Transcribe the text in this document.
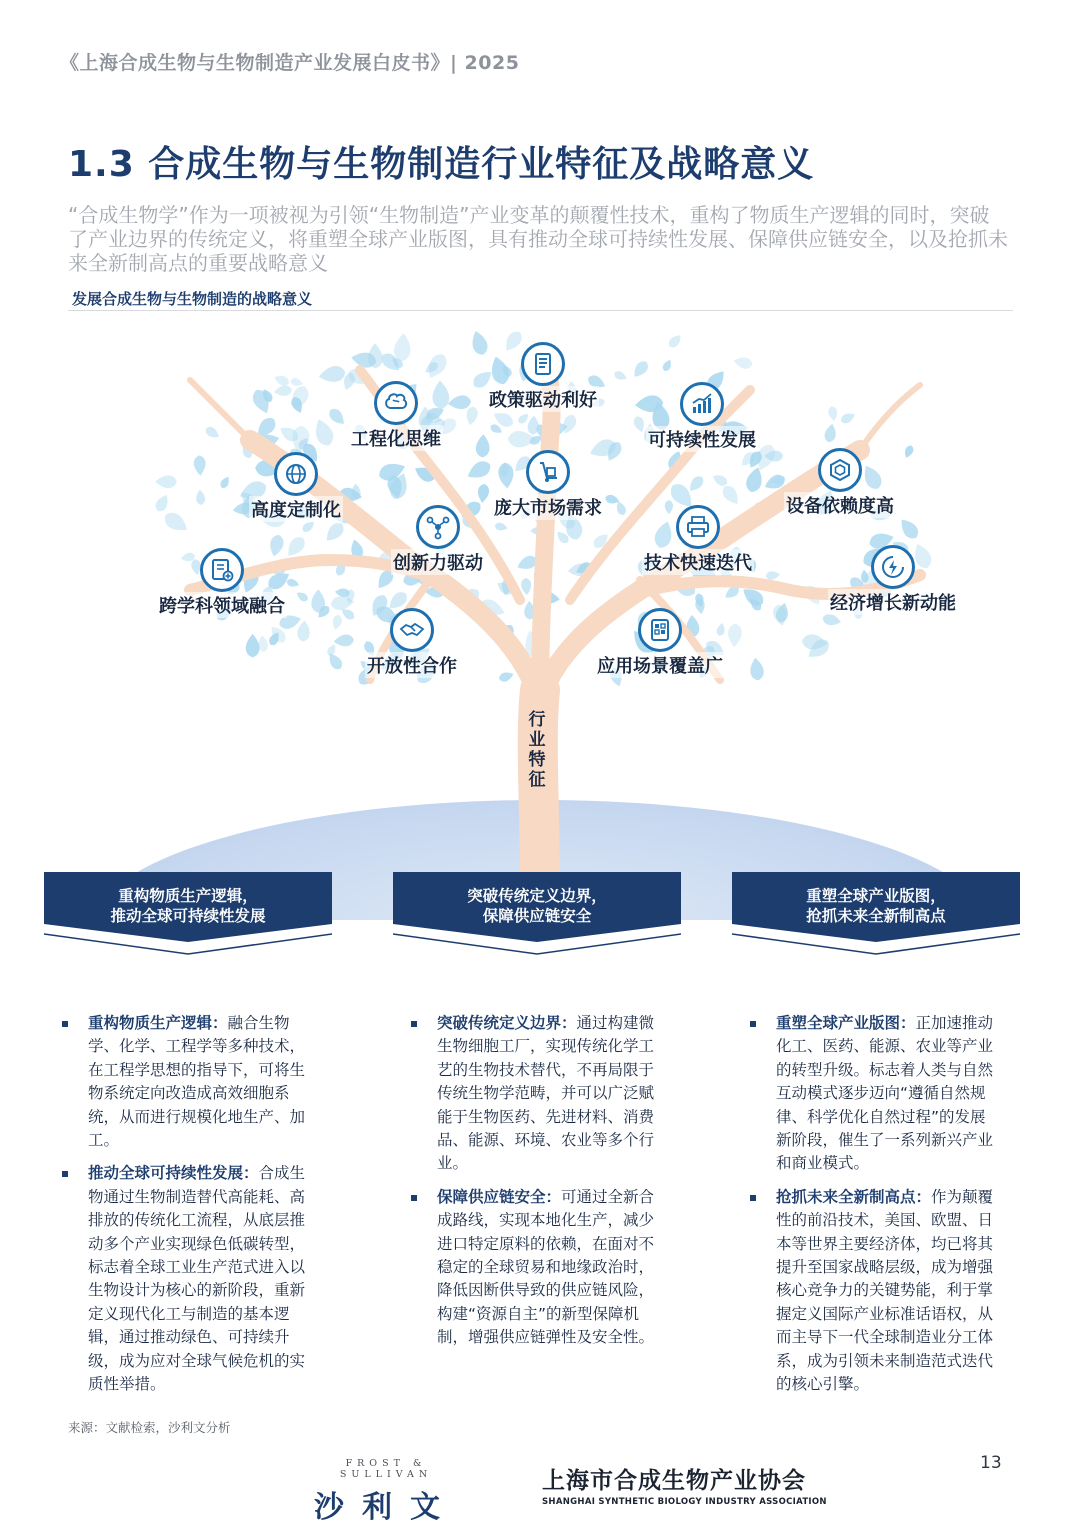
《上海合成生物与生物制造产业发展白皮书》| 2025
1.3 合成生物与生物制造行业特征及战略意义
“合成生物学”作为一项被视为引领“生物制造”产业变革的颠覆性技术，重构了物质生产逻辑的同时，突破了产业边界的传统定义，将重塑全球产业版图，具有推动全球可持续性发展、保障供应链安全，以及抢抓未来全新制高点的重要战略意义
发展合成生物与生物制造的战略意义
行业特征
政策驱动利好
工程化思维	可持续性发展
高度定制化	庞大市场需求	设备依赖度高
创新力驱动	技术快速迭代
跨学科领域融合	经济增长新动能
开放性合作	应用场景覆盖广
重构物质生产逻辑，
推动全球可持续性发展
重构物质生产逻辑：融合生物学、化学、工程学等多种技术，在工程学思想的指导下，可将生物系统定向改造成高效细胞系统，从而进行规模化地生产、加工。
推动全球可持续性发展：合成生物通过生物制造替代高能耗、高排放的传统化工流程，从底层推动多个产业实现绿色低碳转型，标志着全球工业生产范式进入以生物设计为核心的新阶段，重新定义现代化工与制造的基本逻辑，通过推动绿色、可持续升级，成为应对全球气候危机的实质性举措。
突破传统定义边界，
保障供应链安全
突破传统定义边界：通过构建微生物细胞工厂，实现传统化学工艺的生物技术替代，不再局限于传统生物学范畴，并可以广泛赋能于生物医药、先进材料、消费品、能源、环境、农业等多个行业。
保障供应链安全：可通过全新合成路线，实现本地化生产，减少进口特定原料的依赖，在面对不稳定的全球贸易和地缘政治时，降低因断供导致的供应链风险，构建“资源自主”的新型保障机制，增强供应链弹性及安全性。
重塑全球产业版图，
抢抓未来全新制高点
重塑全球产业版图：正加速推动化工、医药、能源、农业等产业的转型升级。标志着人类与自然互动模式逐步迈向“遵循自然规律、科学优化自然过程”的发展新阶段，催生了一系列新兴产业和商业模式。
抢抓未来全新制高点：作为颠覆性的前沿技术，美国、欧盟、日本等世界主要经济体，均已将其提升至国家战略层级，成为增强核心竞争力的关键势能，利于掌握定义国际产业标准话语权，从而主导下一代全球制造业分工体系，成为引领未来制造范式迭代的核心引擎。
来源：文献检索，沙利文分析
FROST & SULLIVAN
沙利文
上海市合成生物产业协会
SHANGHAI SYNTHETIC BIOLOGY INDUSTRY ASSOCIATION
13
